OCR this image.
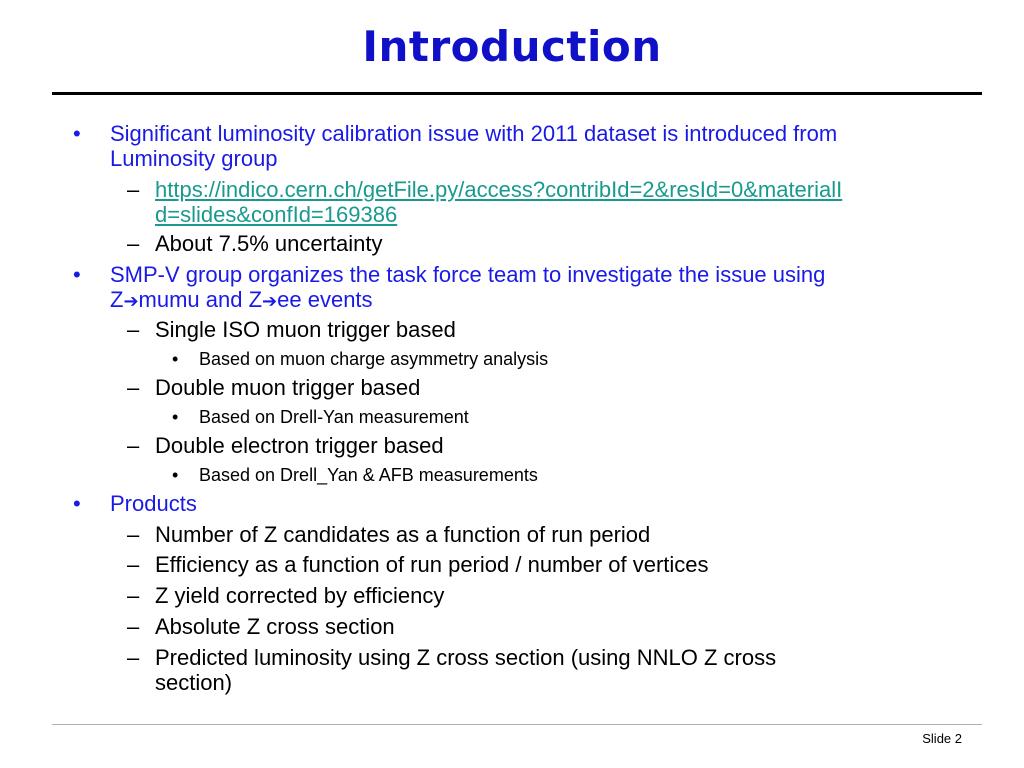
Introduction
• Significant luminosity calibration issue with 2011 dataset is introduced from
Luminosity group
– https://indico.cern.ch/getFile.py/access?contribId=2&resId=0&materialI
d=slides&confId=169386
– About 7.5% uncertainty
• SMP-V group organizes the task force team to investigate the issue using
Z➔mumu and Z➔ee events
– Single ISO muon trigger based
• Based on muon charge asymmetry analysis
– Double muon trigger based
• Based on Drell-Yan measurement
– Double electron trigger based
• Based on Drell_Yan & AFB measurements
• Products
– Number of Z candidates as a function of run period
– Efficiency as a function of run period / number of vertices
– Z yield corrected by efficiency
– Absolute Z cross section
– Predicted luminosity using Z cross section (using NNLO Z cross
section)
Slide 2
